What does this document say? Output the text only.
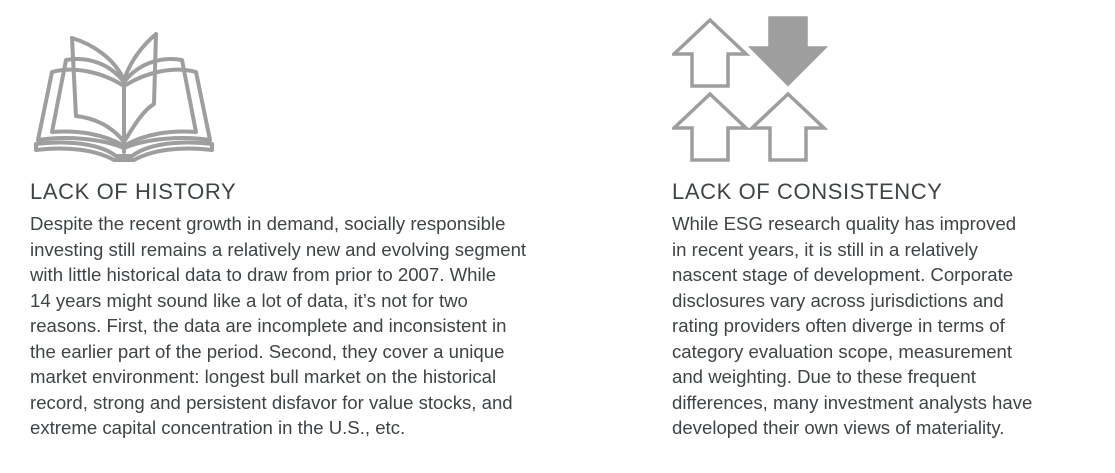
LACK OF HISTORY
Despite the recent growth in demand, socially responsible
investing still remains a relatively new and evolving segment
with little historical data to draw from prior to 2007. While
14 years might sound like a lot of data, it’s not for two
reasons. First, the data are incomplete and inconsistent in
the earlier part of the period. Second, they cover a unique
market environment: longest bull market on the historical
record, strong and persistent disfavor for value stocks, and
extreme capital concentration in the U.S., etc.
LACK OF CONSISTENCY
While ESG research quality has improved
in recent years, it is still in a relatively
nascent stage of development. Corporate
disclosures vary across jurisdictions and
rating providers often diverge in terms of
category evaluation scope, measurement
and weighting. Due to these frequent
differences, many investment analysts have
developed their own views of materiality.
